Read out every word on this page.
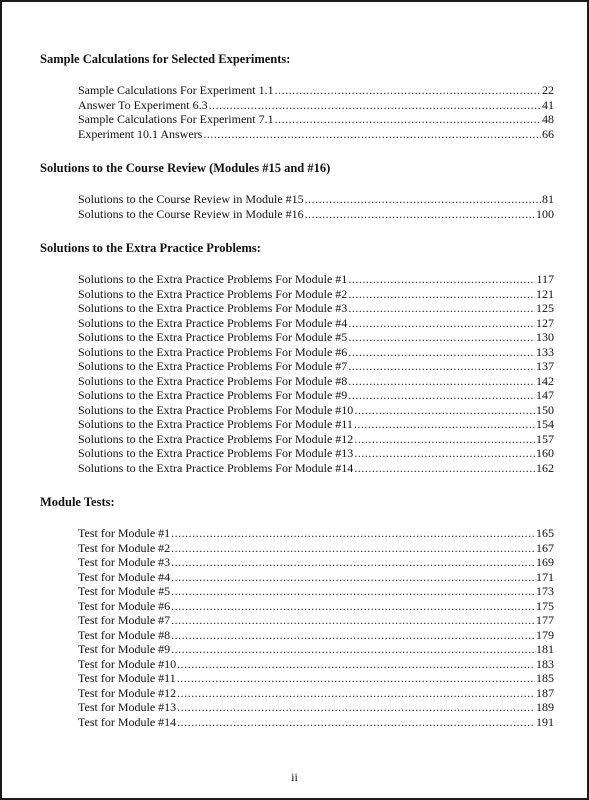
Sample Calculations for Selected Experiments:
Sample Calculations For Experiment 1.1 .....	22
Answer To Experiment 6.3 .....	41
Sample Calculations For Experiment 7.1 .....	48
Experiment 10.1 Answers .....	66
Solutions to the Course Review (Modules #15 and #16)
Solutions to the Course Review in Module #15 .....	81
Solutions to the Course Review in Module #16 .....	100
Solutions to the Extra Practice Problems:
Solutions to the Extra Practice Problems For Module #1 .....	117
Solutions to the Extra Practice Problems For Module #2 .....	121
Solutions to the Extra Practice Problems For Module #3 .....	125
Solutions to the Extra Practice Problems For Module #4 .....	127
Solutions to the Extra Practice Problems For Module #5 .....	130
Solutions to the Extra Practice Problems For Module #6 .....	133
Solutions to the Extra Practice Problems For Module #7 .....	137
Solutions to the Extra Practice Problems For Module #8 .....	142
Solutions to the Extra Practice Problems For Module #9 .....	147
Solutions to the Extra Practice Problems For Module #10 .....	150
Solutions to the Extra Practice Problems For Module #11 .....	154
Solutions to the Extra Practice Problems For Module #12 .....	157
Solutions to the Extra Practice Problems For Module #13 .....	160
Solutions to the Extra Practice Problems For Module #14 .....	162
Module Tests:
Test for Module #1 .....	165
Test for Module #2 .....	167
Test for Module #3 .....	169
Test for Module #4 .....	171
Test for Module #5 .....	173
Test for Module #6 .....	175
Test for Module #7 .....	177
Test for Module #8 .....	179
Test for Module #9 .....	181
Test for Module #10 .....	183
Test for Module #11 .....	185
Test for Module #12 .....	187
Test for Module #13 .....	189
Test for Module #14 .....	191
ii
